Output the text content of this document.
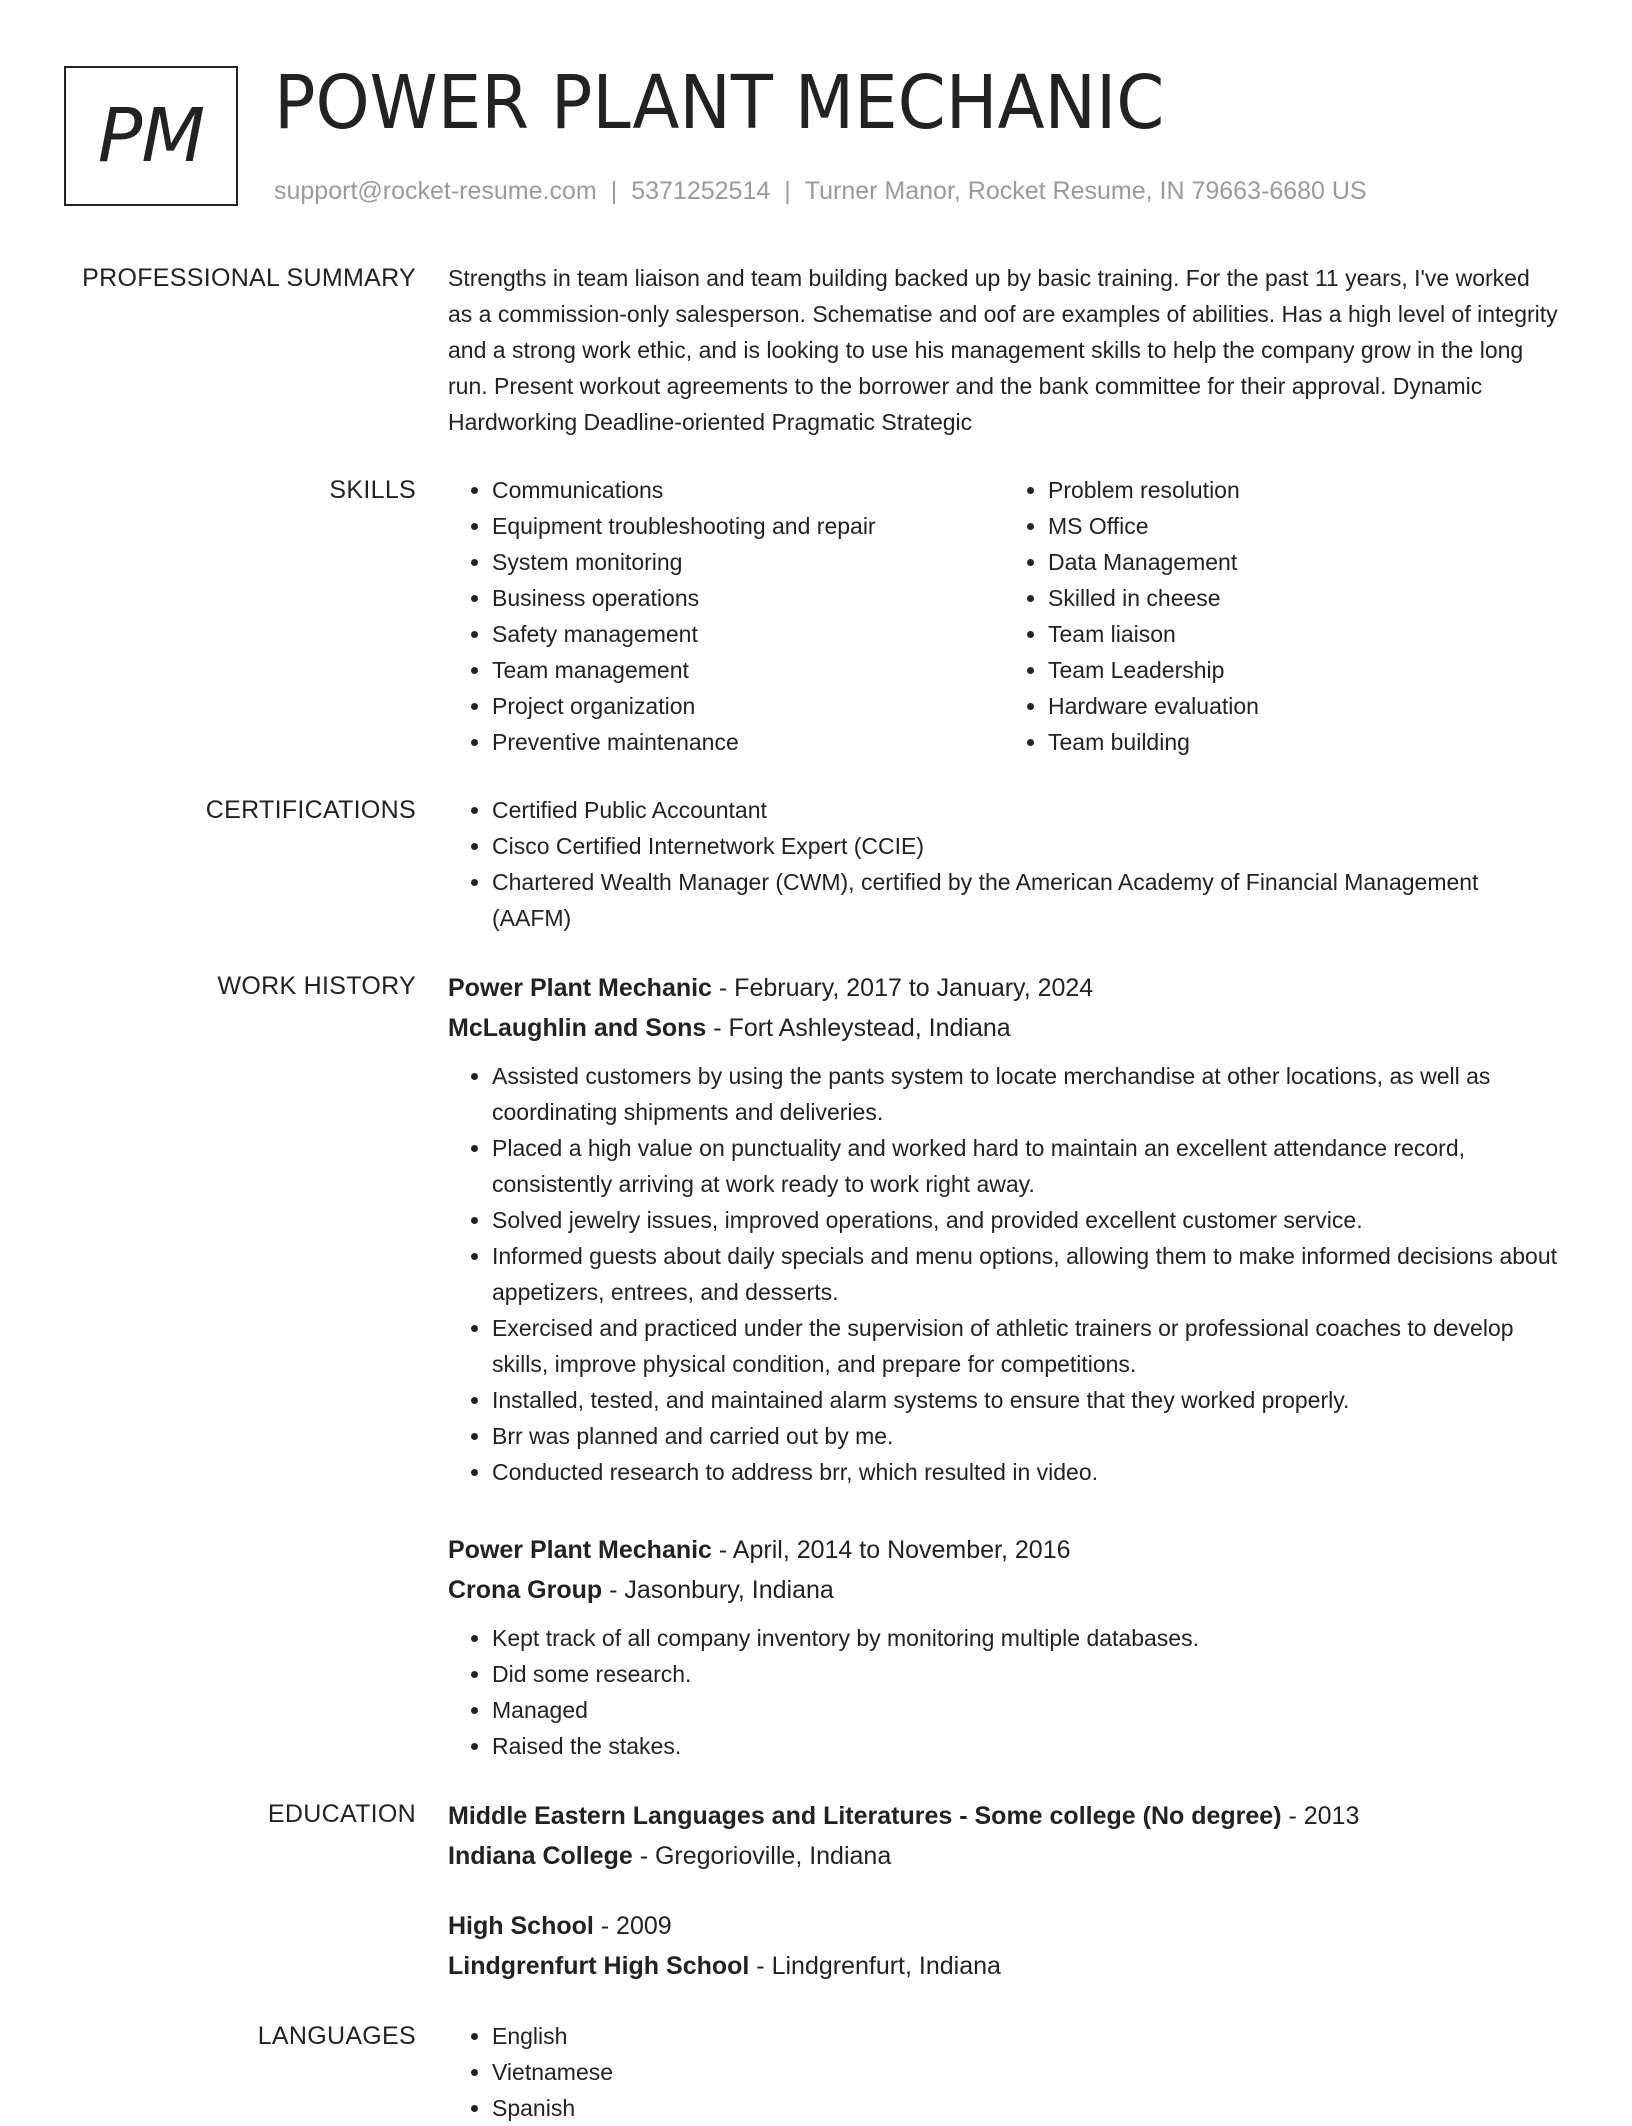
PM POWER PLANT MECHANIC
support@rocket-resume.com | 5371252514 | Turner Manor, Rocket Resume, IN 79663-6680 US
PROFESSIONAL SUMMARY Strengths in team liaison and team building backed up by basic training. For the past 11 years, I've worked as a commission-only salesperson. Schematise and oof are examples of abilities. Has a high level of integrity and a strong work ethic, and is looking to use his management skills to help the company grow in the long run. Present workout agreements to the borrower and the bank committee for their approval. Dynamic Hardworking Deadline-oriented Pragmatic Strategic

SKILLS	• Communications
• Equipment troubleshooting and repair
• System monitoring
• Business operations
• Safety management
• Team management
• Project organization
• Preventive maintenance
• Problem resolution
• MS Office
• Data Management
• Skilled in cheese
• Team liaison
• Team Leadership
• Hardware evaluation
• Team building
CERTIFICATIONS	• Certified Public Accountant
• Cisco Certified Internetwork Expert (CCIE)
• Chartered Wealth Manager (CWM), certified by the American Academy of Financial Management (AAFM)
WORK HISTORY Power Plant Mechanic - February, 2017 to January, 2024
McLaughlin and Sons - Fort Ashleystead, Indiana
• Assisted customers by using the pants system to locate merchandise at other locations, as well as coordinating shipments and deliveries.
• Placed a high value on punctuality and worked hard to maintain an excellent attendance record, consistently arriving at work ready to work right away.
• Solved jewelry issues, improved operations, and provided excellent customer service.
• Informed guests about daily specials and menu options, allowing them to make informed decisions about appetizers, entrees, and desserts.
• Exercised and practiced under the supervision of athletic trainers or professional coaches to develop skills, improve physical condition, and prepare for competitions.
• Installed, tested, and maintained alarm systems to ensure that they worked properly.
• Brr was planned and carried out by me.
• Conducted research to address brr, which resulted in video.
Power Plant Mechanic - April, 2014 to November, 2016
Crona Group - Jasonbury, Indiana
• Kept track of all company inventory by monitoring multiple databases.
• Did some research.
• Managed
• Raised the stakes.
EDUCATION Middle Eastern Languages and Literatures - Some college (No degree) - 2013
Indiana College - Gregorioville, Indiana
High School - 2009
Lindgrenfurt High School - Lindgrenfurt, Indiana
LANGUAGES	• English
• Vietnamese
• Spanish
